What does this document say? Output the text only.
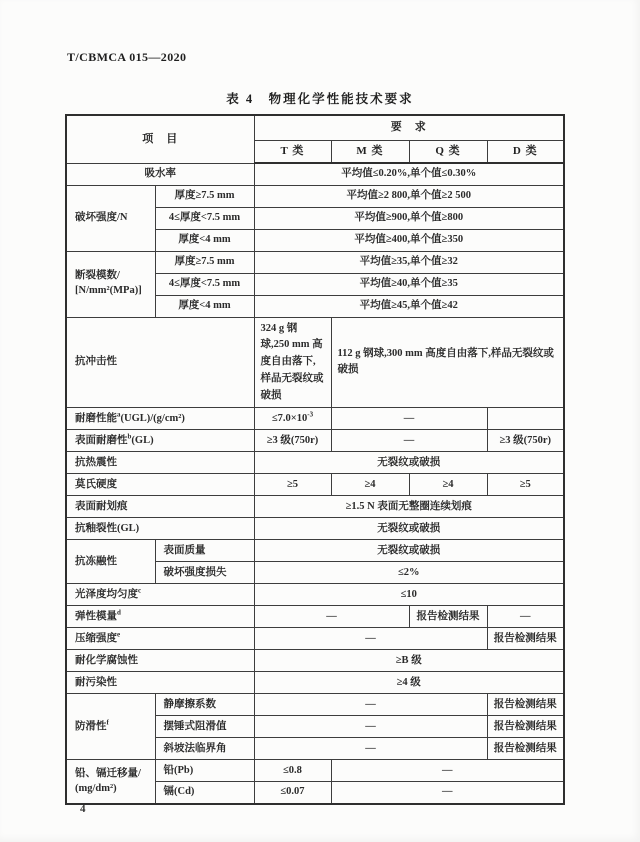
T/CBMCA 015—2020
表 4　物理化学性能技术要求
项　目		要　求			
		T 类	M 类	Q 类	D 类
吸水率		平均值≤0.20%,单个值≤0.30%			
破坏强度/N	厚度≥7.5 mm	平均值≥2 800,单个值≥2 500			
	4≤厚度<7.5 mm	平均值≥900,单个值≥800			
	厚度<4 mm	平均值≥400,单个值≥350			
断裂模数/
[N/mm²(MPa)]	厚度≥7.5 mm	平均值≥35,单个值≥32			
	4≤厚度<7.5 mm	平均值≥40,单个值≥35			
	厚度<4 mm	平均值≥45,单个值≥42			
抗冲击性		324 g 钢球,250 mm 高度自由落下,样品无裂纹或破损	112 g 钢球,300 mm 高度自由落下,样品无裂纹或破损		
耐磨性能$^a$(UGL)/(g/cm²)		$\le 7.0\times 10^{-3}$	—		
表面耐磨性$^b$(GL)		≥3 级(750r)	—		≥3 级(750r)
抗热震性		无裂纹或破损			
莫氏硬度		≥5	≥4	≥4	≥5
表面耐划痕		≥1.5 N 表面无整圈连续划痕			
抗釉裂性(GL)		无裂纹或破损			
抗冻融性	表面质量	无裂纹或破损			
	破坏强度损失	≤2%			
光泽度均匀度$^c$		≤10			
弹性模量$^d$		—		报告检测结果	—
压缩强度$^e$		—			报告检测结果
耐化学腐蚀性		≥B 级			
耐污染性		≥4 级			
防滑性$^f$	静摩擦系数	—			报告检测结果
	摆锤式阻滑值	—			报告检测结果
	斜坡法临界角	—			报告检测结果
铅、镉迁移量/
(mg/dm²)	铅(Pb)	≤0.8	—		
	镉(Cd)	≤0.07	—		
4
